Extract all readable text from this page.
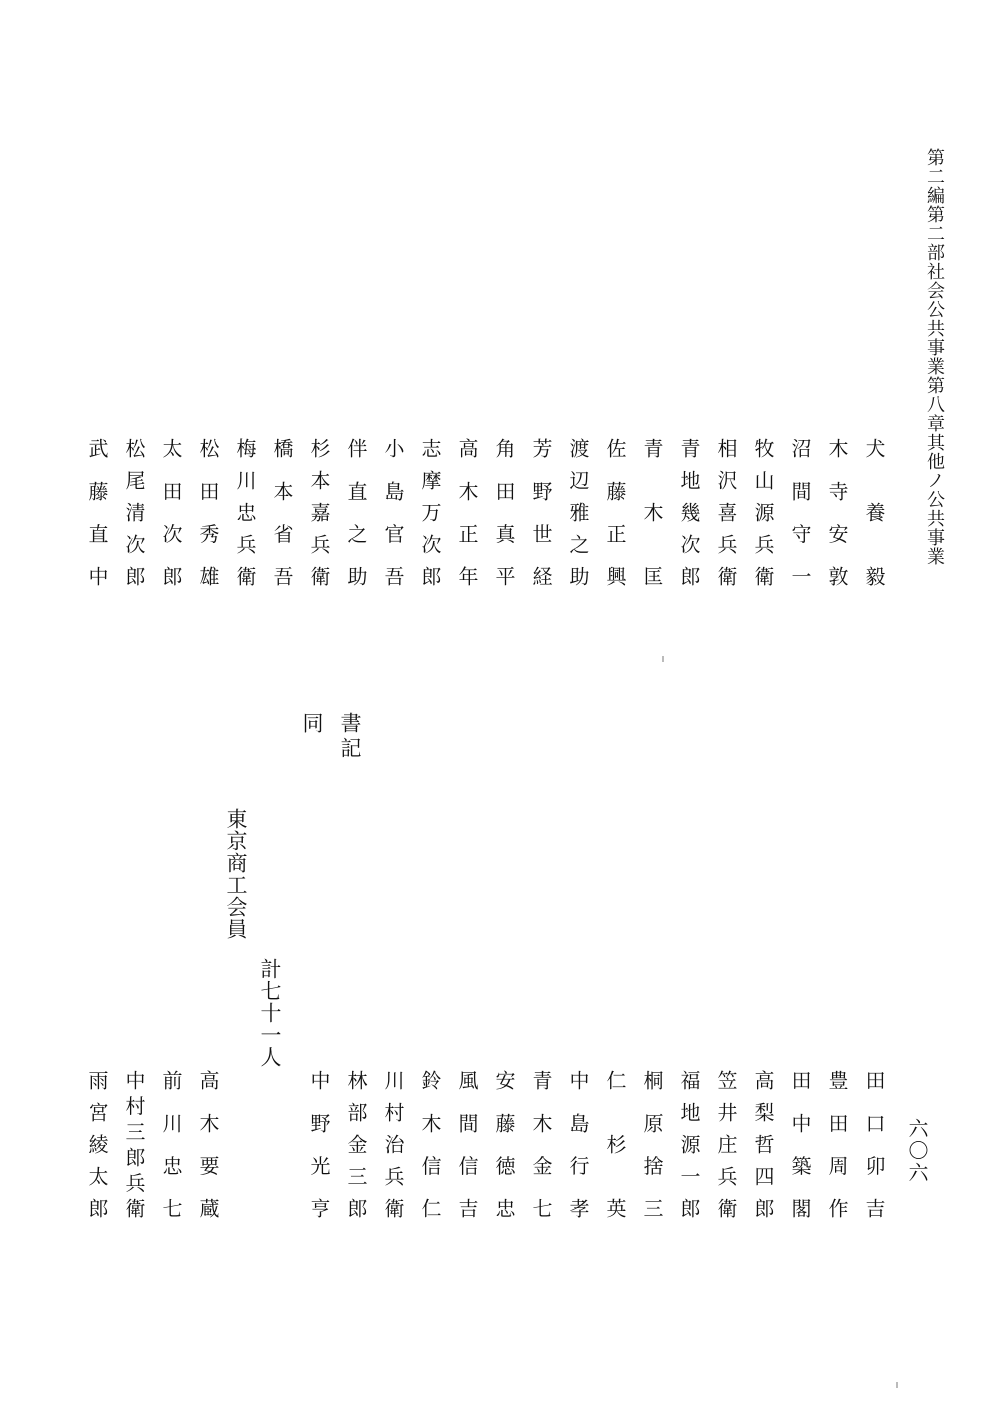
第二編第二部社会公共事業第八章其他ノ公共事業
六〇六
犬養毅
木寺安敦
沼間守一
牧山源兵衛
相沢喜兵衛
青地幾次郎
青木匡
佐藤正興
渡辺雅之助
芳野世経
角田真平
高木正年
志摩万次郎
小島官吾
伴直之助
杉本嘉兵衛
橋本省吾
梅川忠兵衛
松田秀雄
太田次郎
松尾清次郎
武藤直中
書記
同
東京商工会員
計七十一人
田口卯吉
豊田周作
田中築閣
高梨哲四郎
笠井庄兵衛
福地源一郎
桐原捨三
仁杉英
中島行孝
青木金七
安藤徳忠
風間信吉
鈴木信仁
川村治兵衛
林部金三郎
中野光亨
高木要蔵
前川忠七
中村三郎兵衛
雨宮綾太郎
